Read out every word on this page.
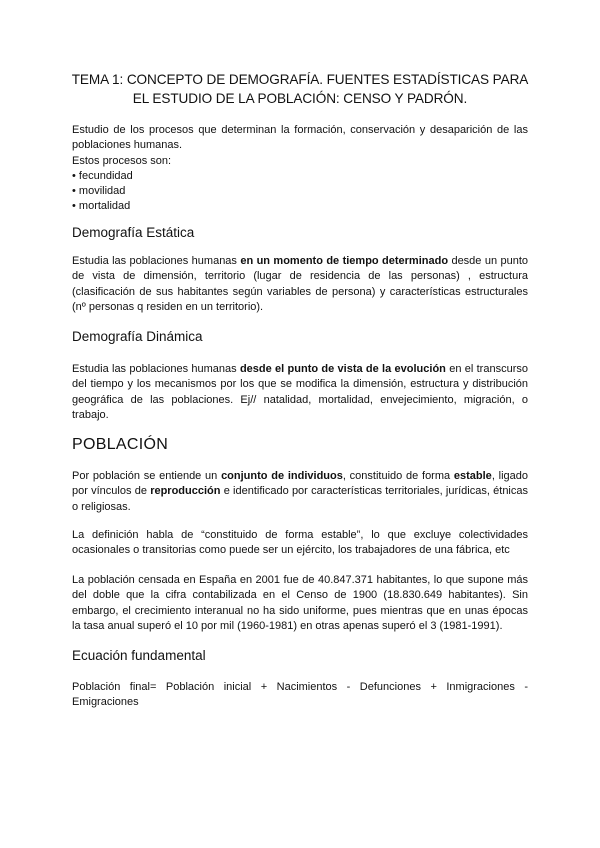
TEMA 1: CONCEPTO DE DEMOGRAFÍA. FUENTES ESTADÍSTICAS PARA
EL ESTUDIO DE LA POBLACIÓN: CENSO Y PADRÓN.
Estudio de los procesos que determinan la formación, conservación y desaparición de las poblaciones humanas.
Estos procesos son:
• fecundidad
• movilidad
• mortalidad
Demografía Estática
Estudia las poblaciones humanas en un momento de tiempo determinado desde un punto de vista de dimensión, territorio (lugar de residencia de las personas) , estructura (clasificación de sus habitantes según variables de persona) y características estructurales (nº personas q residen en un territorio).
Demografía Dinámica
Estudia las poblaciones humanas desde el punto de vista de la evolución en el transcurso del tiempo y los mecanismos por los que se modifica la dimensión, estructura y distribución geográfica de las poblaciones. Ej// natalidad, mortalidad, envejecimiento, migración, o trabajo.
POBLACIÓN
Por población se entiende un conjunto de individuos, constituido de forma estable, ligado por vínculos de reproducción e identificado por características territoriales, jurídicas, étnicas o religiosas.
La definición habla de “constituido de forma estable”, lo que excluye colectividades ocasionales o transitorias como puede ser un ejército, los trabajadores de una fábrica, etc
La población censada en España en 2001 fue de 40.847.371 habitantes, lo que supone más del doble que la cifra contabilizada en el Censo de 1900 (18.830.649 habitantes). Sin embargo, el crecimiento interanual no ha sido uniforme, pues mientras que en unas épocas la tasa anual superó el 10 por mil (1960-1981) en otras apenas superó el 3 (1981-1991).
Ecuación fundamental
Población final= Población inicial + Nacimientos - Defunciones + Inmigraciones - Emigraciones
